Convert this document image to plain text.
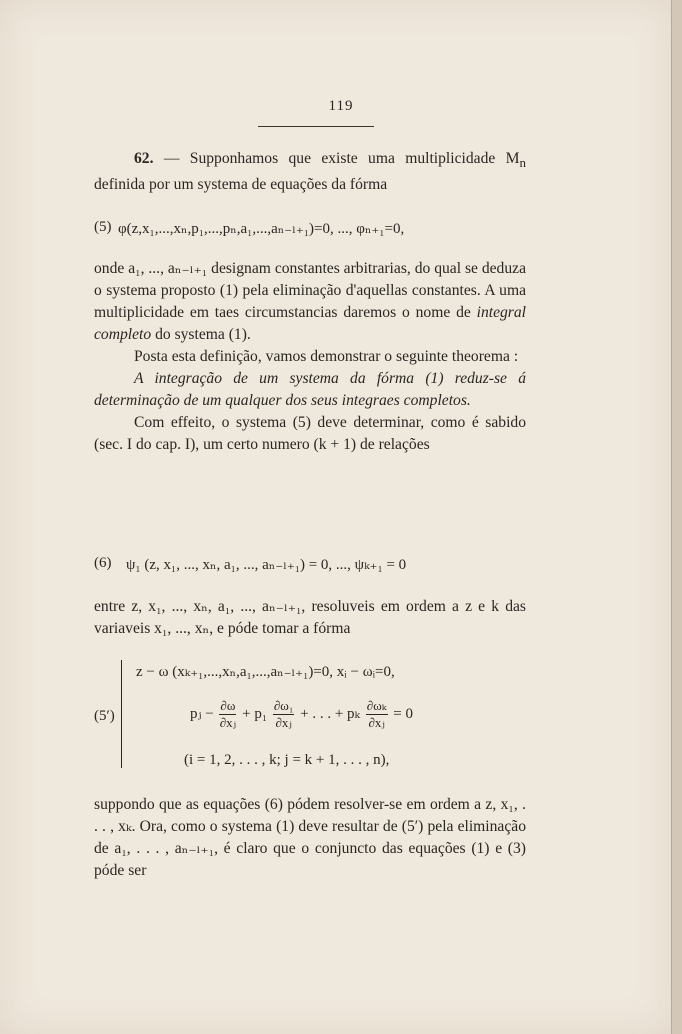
119

62. — Supponhamos que existe uma multiplicidade $M_n$ definida por um systema de equações da fórma

(5) φ(z,x₁,...,xₙ,p₁,...,pₙ,a₁,...,aₙ₋ₗ₊₁)=0, ..., φₙ₊₁=0,

onde a₁, ..., aₙ₋ₗ₊₁ designam constantes arbitrarias, do qual se deduza o systema proposto (1) pela eliminação d'aquellas constantes. A uma multiplicidade em taes circumstancias daremos o nome de integral completo do systema (1).

Posta esta definição, vamos demonstrar o seguinte theorema :

A integração de um systema da fórma (1) reduz-se á determinação de um qualquer dos seus integraes completos.

Com effeito, o systema (5) deve determinar, como é sabido (sec. I do cap. I), um certo numero (k + 1) de relações

(6) ψ₁ (z, x₁, ..., xₙ, a₁, ..., aₙ₋ₗ₊₁) = 0, ..., ψₖ₊₁ = 0

entre z, x₁, ..., xₙ, a₁, ..., aₙ₋ₗ₊₁, resoluveis em ordem a z e k das variaveis x₁, ..., xₙ, e póde tomar a fórma

(5′)
z − ω (xₖ₊₁,...,xₙ,a₁,...,aₙ₋ₗ₊₁)=0, xᵢ − ωᵢ=0,
pⱼ − $\frac{\partial\omega}{\text{∂xⱼ}} + p_1 \frac{\text{∂ω₁}}{\text{∂xⱼ}}$ + . . . + pₖ $\frac{\text{∂ωₖ}}{\text{∂xⱼ}} = 0$
(i = 1, 2, . . . , k; j = k + 1, . . . , n),

suppondo que as equações (6) pódem resolver-se em ordem a z, x₁, . . . , xₖ. Ora, como o systema (1) deve resultar de (5′) pela eliminação de a₁, . . . , aₙ₋ₗ₊₁, é claro que o conjuncto das equações (1) e (3) póde ser
